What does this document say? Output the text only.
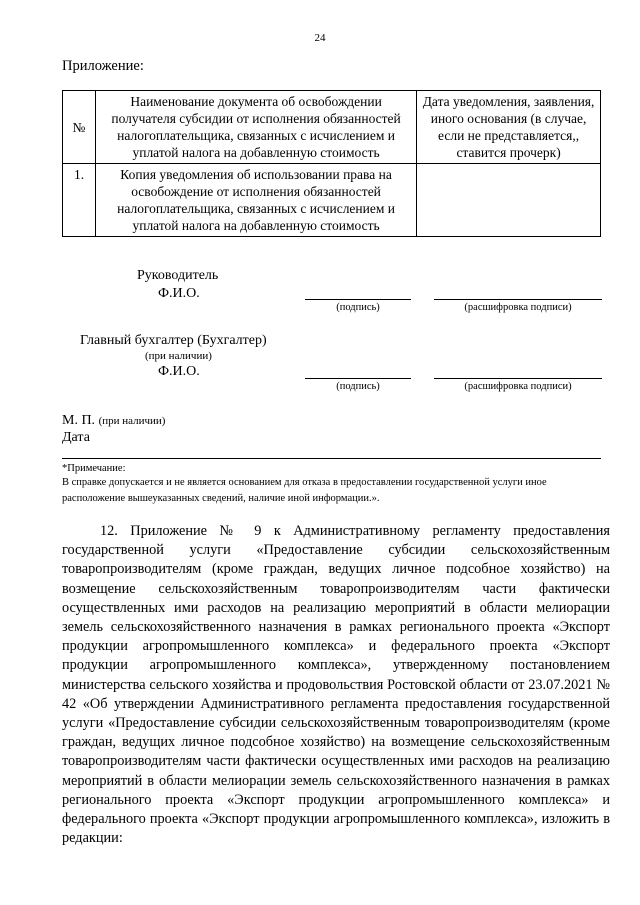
24
Приложение:
№	Наименование документа об освобождении получателя субсидии от исполнения обязанностей налогоплательщика, связанных с исчислением и уплатой налога на добавленную стоимость	Дата уведомления, заявления, иного основания (в случае, если не представляется,, ставится прочерк)
1.	Копия уведомления об использовании права на освобождение от исполнения обязанностей налогоплательщика, связанных с исчислением и уплатой налога на добавленную стоимость	
Руководитель
Ф.И.О.
(подпись)	(расшифровка подписи)
Главный бухгалтер (Бухгалтер)
(при наличии)
Ф.И.О.
(подпись)	(расшифровка подписи)
М. П. (при наличии)
Дата
*Примечание:
В справке допускается и не является основанием для отказа в предоставлении государственной услуги иное расположение вышеуказанных сведений, наличие иной информации.».
12. Приложение № 9 к Административному регламенту предоставления государственной услуги «Предоставление субсидии сельскохозяйственным товаропроизводителям (кроме граждан, ведущих личное подсобное хозяйство) на возмещение сельскохозяйственным товаропроизводителям части фактически осуществленных ими расходов на реализацию мероприятий в области мелиорации земель сельскохозяйственного назначения в рамках регионального проекта «Экспорт продукции агропромышленного комплекса» и федерального проекта «Экспорт продукции агропромышленного комплекса», утвержденному постановлением министерства сельского хозяйства и продовольствия Ростовской области от 23.07.2021 № 42 «Об утверждении Административного регламента предоставления государственной услуги «Предоставление субсидии сельскохозяйственным товаропроизводителям (кроме граждан, ведущих личное подсобное хозяйство) на возмещение сельскохозяйственным товаропроизводителям части фактически осуществленных ими расходов на реализацию мероприятий в области мелиорации земель сельскохозяйственного назначения в рамках регионального проекта «Экспорт продукции агропромышленного комплекса» и федерального проекта «Экспорт продукции агропромышленного комплекса», изложить в редакции:
